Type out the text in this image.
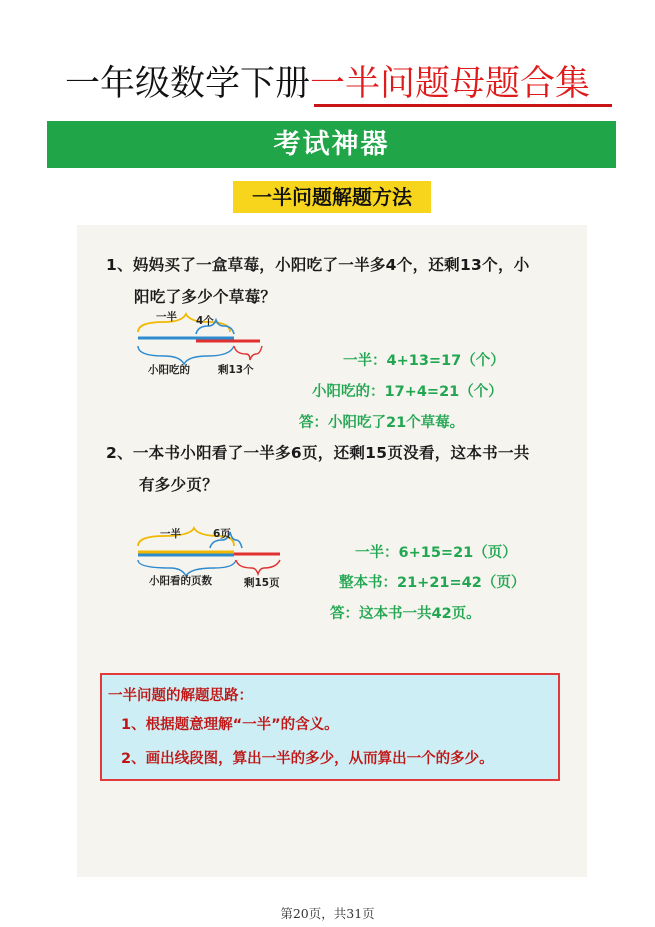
一年级数学下册一半问题母题合集
考试神器
一半问题解题方法
1、妈妈买了一盒草莓，小阳吃了一半多4个，还剩13个，小
阳吃了多少个草莓？
一半 4个
小阳吃的	剩13个
一半：4+13=17（个）
小阳吃的：17+4=21（个）
答：小阳吃了21个草莓。
2、一本书小阳看了一半多6页，还剩15页没看，这本书一共
有多少页？
一半	6页
小阳看的页数	剩15页
一半：6+15=21（页）
整本书：21+21=42（页）
答：这本书一共42页。
一半问题的解题思路：
1、根据题意理解“一半”的含义。
2、画出线段图，算出一半的多少，从而算出一个的多少。
第20页，共31页
